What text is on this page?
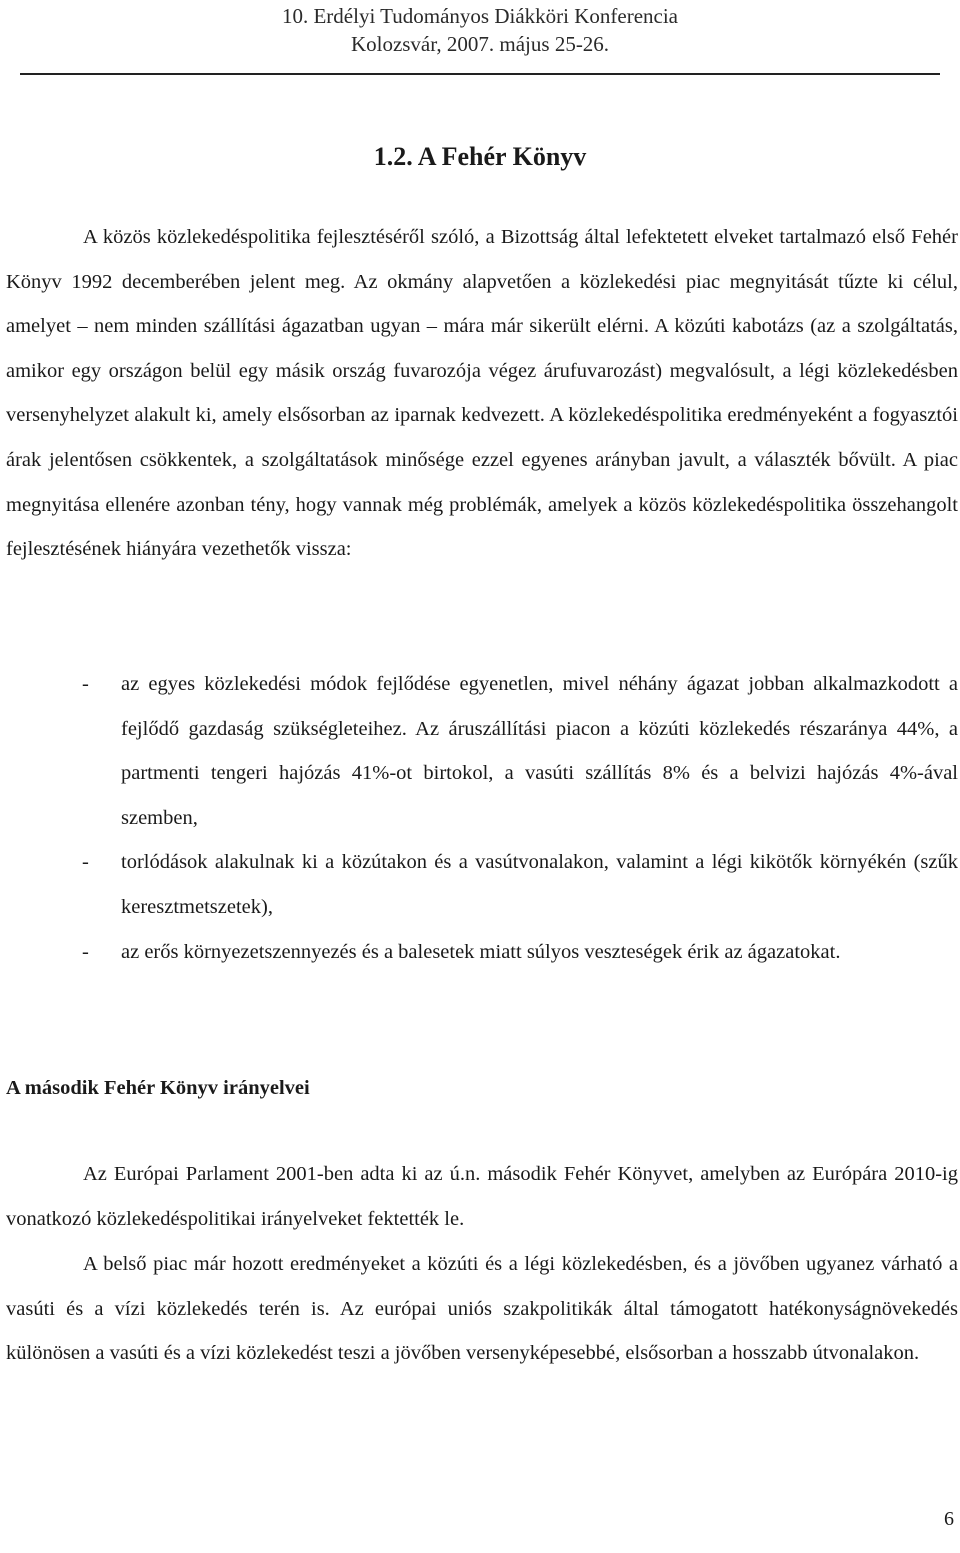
10. Erdélyi Tudományos Diákköri Konferencia
Kolozsvár, 2007. május 25-26.
1.2. A Fehér Könyv

A közös közlekedéspolitika fejlesztéséről szóló, a Bizottság által lefektetett elveket tartalmazó első Fehér Könyv 1992 decemberében jelent meg. Az okmány alapvetően a közlekedési piac megnyitását tűzte ki célul, amelyet – nem minden szállítási ágazatban ugyan – mára már sikerült elérni. A közúti kabotázs (az a szolgáltatás, amikor egy országon belül egy másik ország fuvarozója végez árufuvarozást) megvalósult, a légi közlekedésben versenyhelyzet alakult ki, amely elsősorban az iparnak kedvezett. A közlekedéspolitika eredményeként a fogyasztói árak jelentősen csökkentek, a szolgáltatások minősége ezzel egyenes arányban javult, a választék bővült. A piac megnyitása ellenére azonban tény, hogy vannak még problémák, amelyek a közös közlekedéspolitika összehangolt fejlesztésének hiányára vezethetők vissza:

- az egyes közlekedési módok fejlődése egyenetlen, mivel néhány ágazat jobban alkalmazkodott a fejlődő gazdaság szükségleteihez. Az áruszállítási piacon a közúti közlekedés részaránya 44%, a partmenti tengeri hajózás 41%-ot birtokol, a vasúti szállítás 8% és a belvizi hajózás 4%-ával szemben,
- torlódások alakulnak ki a közútakon és a vasútvonalakon, valamint a légi kikötők környékén (szűk keresztmetszetek),
- az erős környezetszennyezés és a balesetek miatt súlyos veszteségek érik az ágazatokat.
A második Fehér Könyv irányelvei

Az Európai Parlament 2001-ben adta ki az ú.n. második Fehér Könyvet, amelyben az Európára 2010-ig vonatkozó közlekedéspolitikai irányelveket fektették le.

A belső piac már hozott eredményeket a közúti és a légi közlekedésben, és a jövőben ugyanez várható a vasúti és a vízi közlekedés terén is. Az európai uniós szakpolitikák által támogatott hatékonyságnövekedés különösen a vasúti és a vízi közlekedést teszi a jövőben versenyképesebbé, elsősorban a hosszabb útvonalakon.

6
